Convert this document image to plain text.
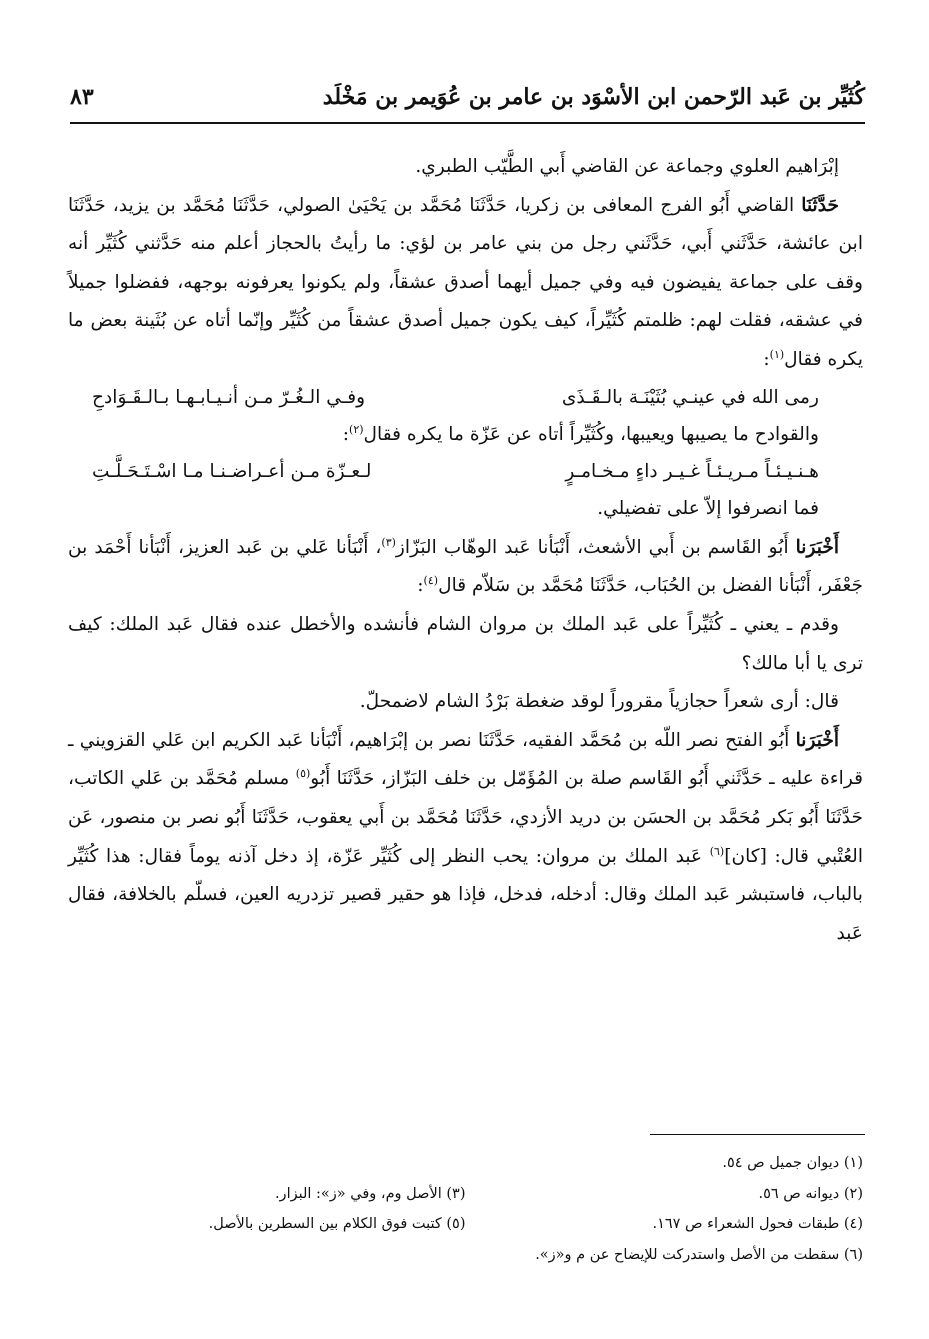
كُثَيِّر بن عَبد الرّحمن ابن الأسْوَد بن عامر بن عُوَيمر بن مَخْلَد
٨٣

إبْرَاهيم العلوي وجماعة عن القاضي أَبي الطَّيّب الطبري.

حَدَّثَنَا القاضي أَبُو الفرج المعافى بن زكريا، حَدَّثَنَا مُحَمَّد بن يَحْيَىٰ الصولي، حَدَّثَنَا مُحَمَّد بن يزيد، حَدَّثَنَا ابن عائشة، حَدَّثَني أَبي، حَدَّثَني رجل من بني عامر بن لؤي: ما رأيتُ بالحجاز أعلم منه حَدَّثني كُثَيِّر أنه وقف على جماعة يفيضون فيه وفي جميل أيهما أصدق عشقاً، ولم يكونوا يعرفونه بوجهه، ففضلوا جميلاً في عشقه، فقلت لهم: ظلمتم كُثَيِّراً، كيف يكون جميل أصدق عشقاً من كُثَيِّر وإنّما أتاه عن بُثَينة بعض ما يكره فقال$^{(١)}$:

رمى الله في عينـي بُثَيْنَـة بالـقَـذَى
وفـي الـغُـرّ مـن أنـيـابـهـا بـالـقَـوَادحِ

والقوادح ما يصيبها ويعيبها، وكُثَيِّراً أتاه عن عَزّة ما يكره فقال$^{(٢)}$:

هـنـيـئـاً مـريـئـاً غـيـر داءٍ مـخـامـرٍ
لـعـزّة مـن أعـراضـنـا مـا اسْـتَـحَـلَّـتِ

فما انصرفوا إلاّ على تفضيلي.

أَخْبَرَنا أَبُو القَاسم بن أَبي الأشعث، أَنْبَأنا عَبد الوهّاب البَزّاز$^{(٣)}$، أَنْبَأنا عَلي بن عَبد العزيز، أَنْبَأنا أَحْمَد بن جَعْفَر، أَنْبَأنا الفضل بن الحُبَاب، حَدَّثَنَا مُحَمَّد بن سَلاّم قال$^{(٤)}$:

وقدم ـ يعني ـ كُثَيِّراً على عَبد الملك بن مروان الشام فأنشده والأخطل عنده فقال عَبد الملك: كيف ترى يا أبا مالك؟

قال: أرى شعراً حجازياً مقروراً لوقد ضغطة بَرْدُ الشام لاضمحلّ.

أَخْبَرَنا أَبُو الفتح نصر اللّه بن مُحَمَّد الفقيه، حَدَّثَنَا نصر بن إبْرَاهيم، أَنْبَأنا عَبد الكريم ابن عَلي القزويني ـ قراءة عليه ـ حَدَّثَني أَبُو القَاسم صلة بن المُؤَمّل بن خلف البَزّاز، حَدَّثَنَا أَبُو$^{(٥)}$ مسلم مُحَمَّد بن عَلي الكاتب، حَدَّثَنَا أَبُو بَكر مُحَمَّد بن الحسَن بن دريد الأزدي، حَدَّثَنَا مُحَمَّد بن أَبي يعقوب، حَدَّثَنَا أَبُو نصر بن منصور، عَن العُتْبي قال: [كان]$^{(٦)}$ عَبد الملك بن مروان: يحب النظر إلى كُثَيِّر عَزّة، إذ دخل آذنه يوماً فقال: هذا كُثَيِّر بالباب، فاستبشر عَبد الملك وقال: أدخله، فدخل، فإذا هو حقير قصير تزدريه العين، فسلّم بالخلافة، فقال عَبد

(١) ديوان جميل ص ٥٤.
(٢) ديوانه ص ٥٦.
(٣) الأصل وم، وفي «ز»: البزار.
(٤) طبقات فحول الشعراء ص ١٦٧.
(٥) كتبت فوق الكلام بين السطرين بالأصل.
(٦) سقطت من الأصل واستدركت للإيضاح عن م و«ز».
